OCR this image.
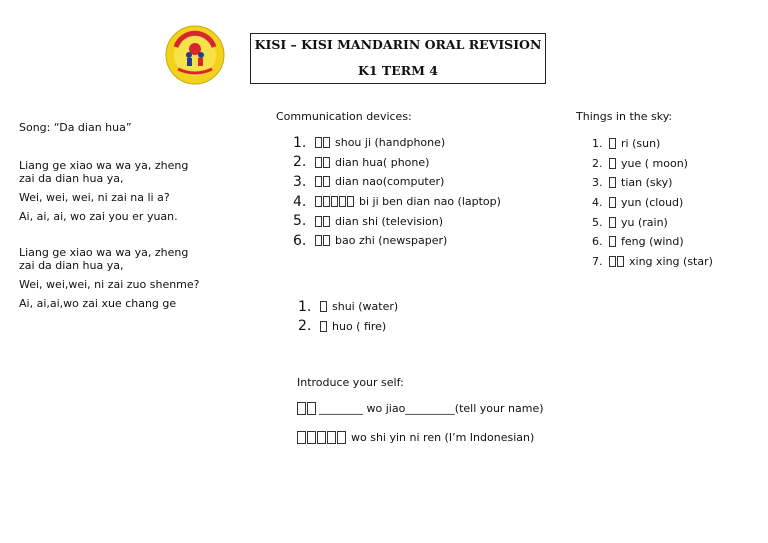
KISI – KISI MANDARIN ORAL REVISION
K1 TERM 4

Song: “Da dian hua”

Liang ge xiao wa wa ya, zheng zai da dian hua ya,

Wei, wei, wei, ni zai na li a?

Ai, ai, ai, wo zai you er yuan.

Liang ge xiao wa wa ya, zheng zai da dian hua ya,

Wei, wei,wei, ni zai zuo shenme?

Ai, ai,ai,wo zai xue chang ge

Communication devices:
1.	shou ji (handphone)
2.	dian hua( phone)
3.	dian nao(computer)
4.	bi ji ben dian nao (laptop)
5.	dian shi (television)
6.	bao zhi (newspaper)
1.	shui (water)
2.	huo ( fire)
Things in the sky:
1.	ri (sun)
2.	yue ( moon)
3.	tian (sky)
4.	yun (cloud)
5.	yu (rain)
6.	feng (wind)
7.	xing xing (star)
Introduce your self:
________ wo jiao_________(tell your name)
wo shi yin ni ren (I’m Indonesian)
